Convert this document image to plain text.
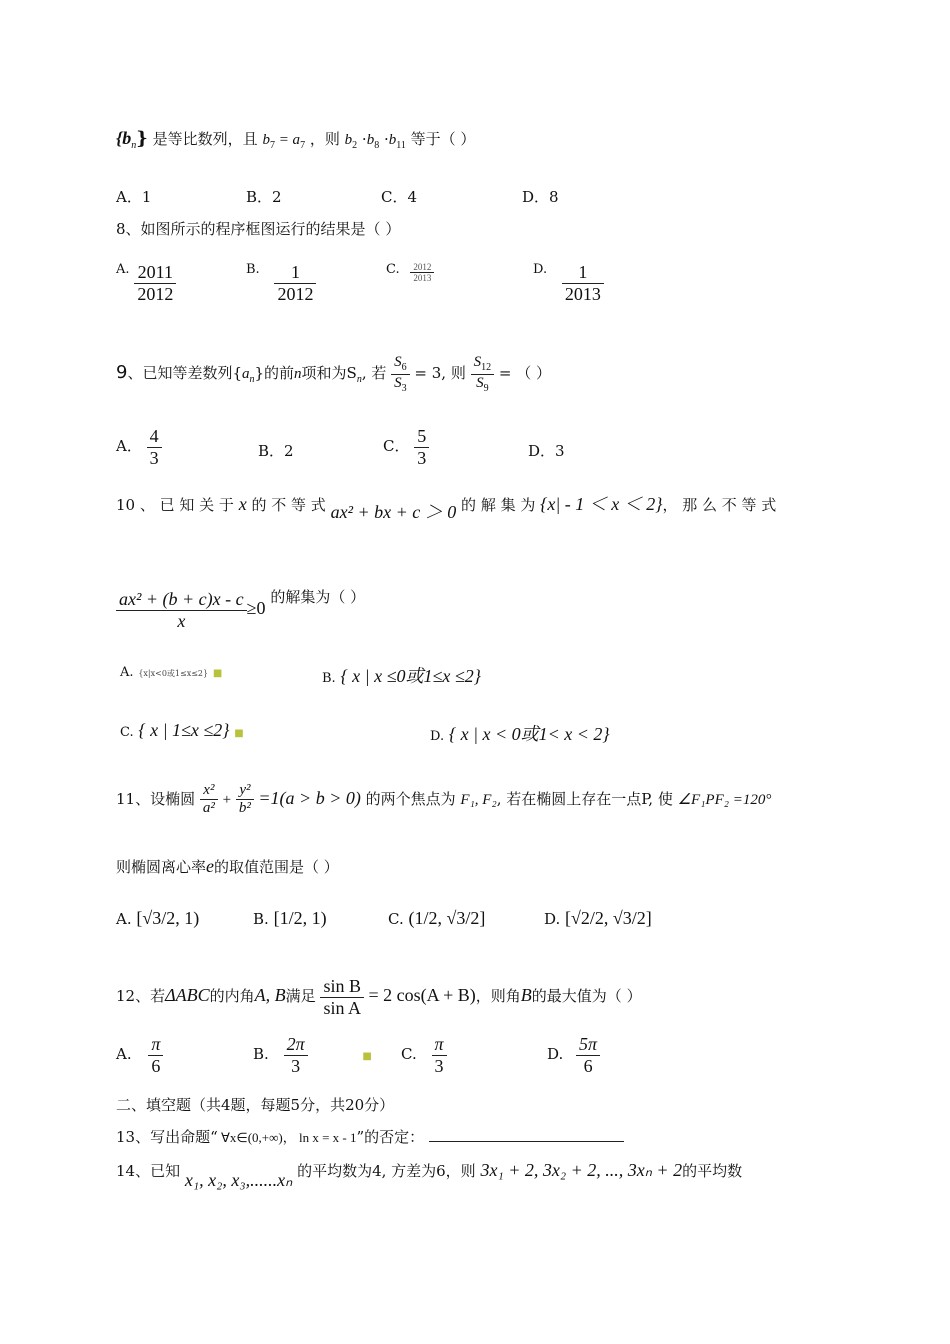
$\{b_n\}$ 是等比数列，且 $b_7 = a_7$ ，则 $b_2 \cdot b_8 \cdot b_{11}$ 等于（ ）
A．1	B．2	C．4	D．8
8、如图所示的程序框图运行的结果是（ ）
A. $\frac{2011}{2012}$	B. $\frac{1}{2012}$	C. $\frac{2012}{2013}$	D. $\frac{1}{2013}$
9、已知等差数列$\{a_n\}$的前n项和为$S_n$, 若 $\frac{S_6}{S_3} = 3$, 则 $\frac{S_{12}}{S_9}$ = （ ）
A． $\frac{4}{3}$	B．2	C． $\frac{5}{3}$	D．3
10 、 已 知 关 于 x 的 不 等 式 ax² + bx + c ＞ 0 的 解 集 为 {x| - 1 ＜ x ＜ 2}， 那 么 不 等 式
$\frac{\text{ax² + (b + c)x - c}}{x} \ge 0$ 的解集为（ ）
A. {x|x<0或1≤x≤2} ■	B. { x | x ≤0或1≤x ≤2}
C. { x | 1≤x ≤2} ■	D. { x | x < 0或1< x < 2}
11、设椭圆 $\frac{\text{x²}}{\text{a²}} + \frac{\text{y²}}{\text{b²}} =1(a > b > 0)$ 的两个焦点为 F₁, F₂, 若在椭圆上存在一点P, 使 ∠F₁PF₂ =120°
则椭圆离心率e的取值范围是（ ）
A. [√3/2, 1)	B. [1/2, 1)	C. (1/2, √3/2]	D. [√2/2, √3/2]
12、若ΔABC的内角A, B满足 $\frac{\text{sin B}}{\text{sin A}} = 2$ cos(A + B)，则角B的最大值为（ ）
A. $\frac{\pi}{6}$	B. $\frac{2\pi}{3}$	■ C. $\frac{\pi}{3}$	D. $\frac{5\pi}{6}$
二、填空题（共4题，每题5分，共20分）
13、写出命题“ ∀x∈(0,+∞)， ln x = x - 1”的否定：
14、已知 x₁, x₂, x₃,......xₙ 的平均数为4, 方差为6，则 3x₁ + 2, 3x₂ + 2, ..., 3xₙ + 2的平均数
